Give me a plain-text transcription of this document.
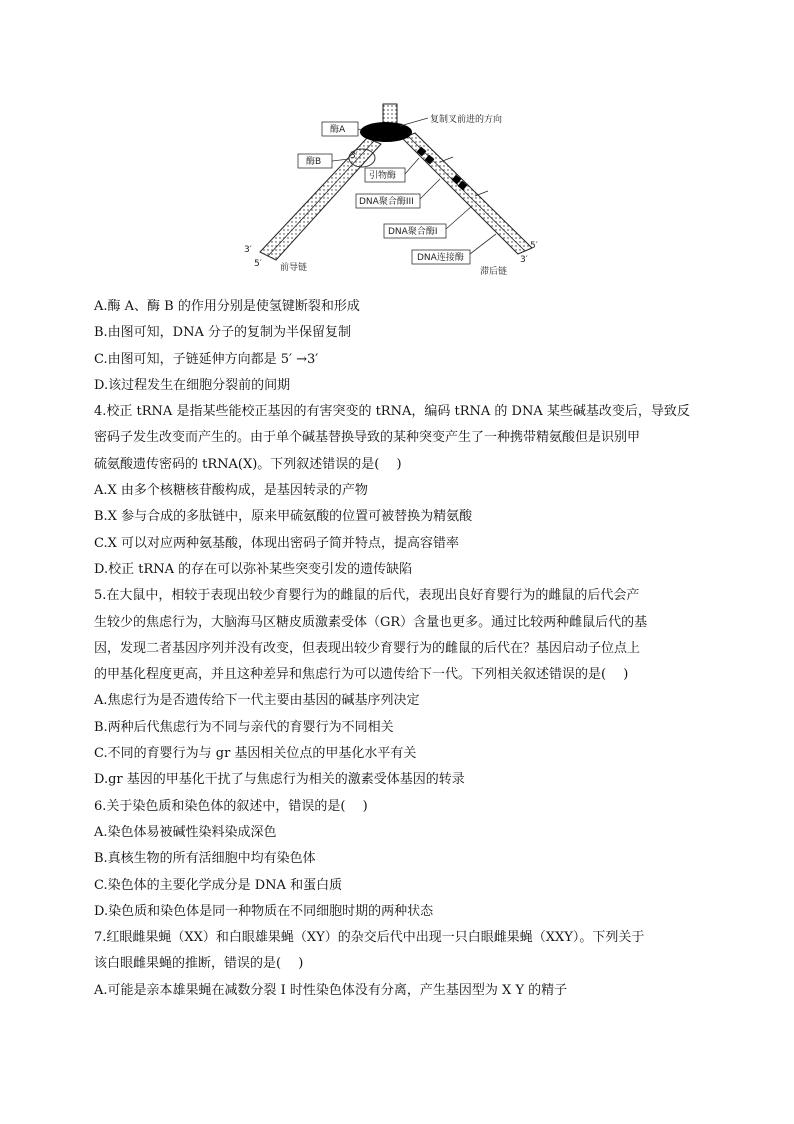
酶A
酶B
复制叉前进的方向
引物酶
DNA聚合酶III
DNA聚合酶I
DNA连接酶
3′
3′
5′ 前导链
5′
3′
滞后链
A.酶 A、酶 B 的作用分别是使氢键断裂和形成
B.由图可知，DNA 分子的复制为半保留复制
C.由图可知，子链延伸方向都是 5′ →3′
D.该过程发生在细胞分裂前的间期
4.校正 tRNA 是指某些能校正基因的有害突变的 tRNA，编码 tRNA 的 DNA 某些碱基改变后，导致反
密码子发生改变而产生的。由于单个碱基替换导致的某种突变产生了一种携带精氨酸但是识别甲
硫氨酸遗传密码的 tRNA(X)。下列叙述错误的是(　 )
A.X 由多个核糖核苷酸构成，是基因转录的产物
B.X 参与合成的多肽链中，原来甲硫氨酸的位置可被替换为精氨酸
C.X 可以对应两种氨基酸，体现出密码子简并特点，提高容错率
D.校正 tRNA 的存在可以弥补某些突变引发的遗传缺陷
5.在大鼠中，相较于表现出较少育婴行为的雌鼠的后代，表现出良好育婴行为的雌鼠的后代会产
生较少的焦虑行为，大脑海马区糖皮质激素受体（GR）含量也更多。通过比较两种雌鼠后代的基
因，发现二者基因序列并没有改变，但表现出较少育婴行为的雌鼠的后代在？基因启动子位点上
的甲基化程度更高，并且这种差异和焦虑行为可以遗传给下一代。下列相关叙述错误的是(　 )
A.焦虑行为是否遗传给下一代主要由基因的碱基序列决定
B.两种后代焦虑行为不同与亲代的育婴行为不同相关
C.不同的育婴行为与 gr 基因相关位点的甲基化水平有关
D.gr 基因的甲基化干扰了与焦虑行为相关的激素受体基因的转录
6.关于染色质和染色体的叙述中，错误的是(　 )
A.染色体易被碱性染料染成深色
B.真核生物的所有活细胞中均有染色体
C.染色体的主要化学成分是 DNA 和蛋白质
D.染色质和染色体是同一种物质在不同细胞时期的两种状态
7.红眼雌果蝇（XX）和白眼雄果蝇（XY）的杂交后代中出现一只白眼雌果蝇（XXY）。下列关于
该白眼雌果蝇的推断，错误的是(　 )
A.可能是亲本雄果蝇在减数分裂 I 时性染色体没有分离，产生基因型为 X Y 的精子
